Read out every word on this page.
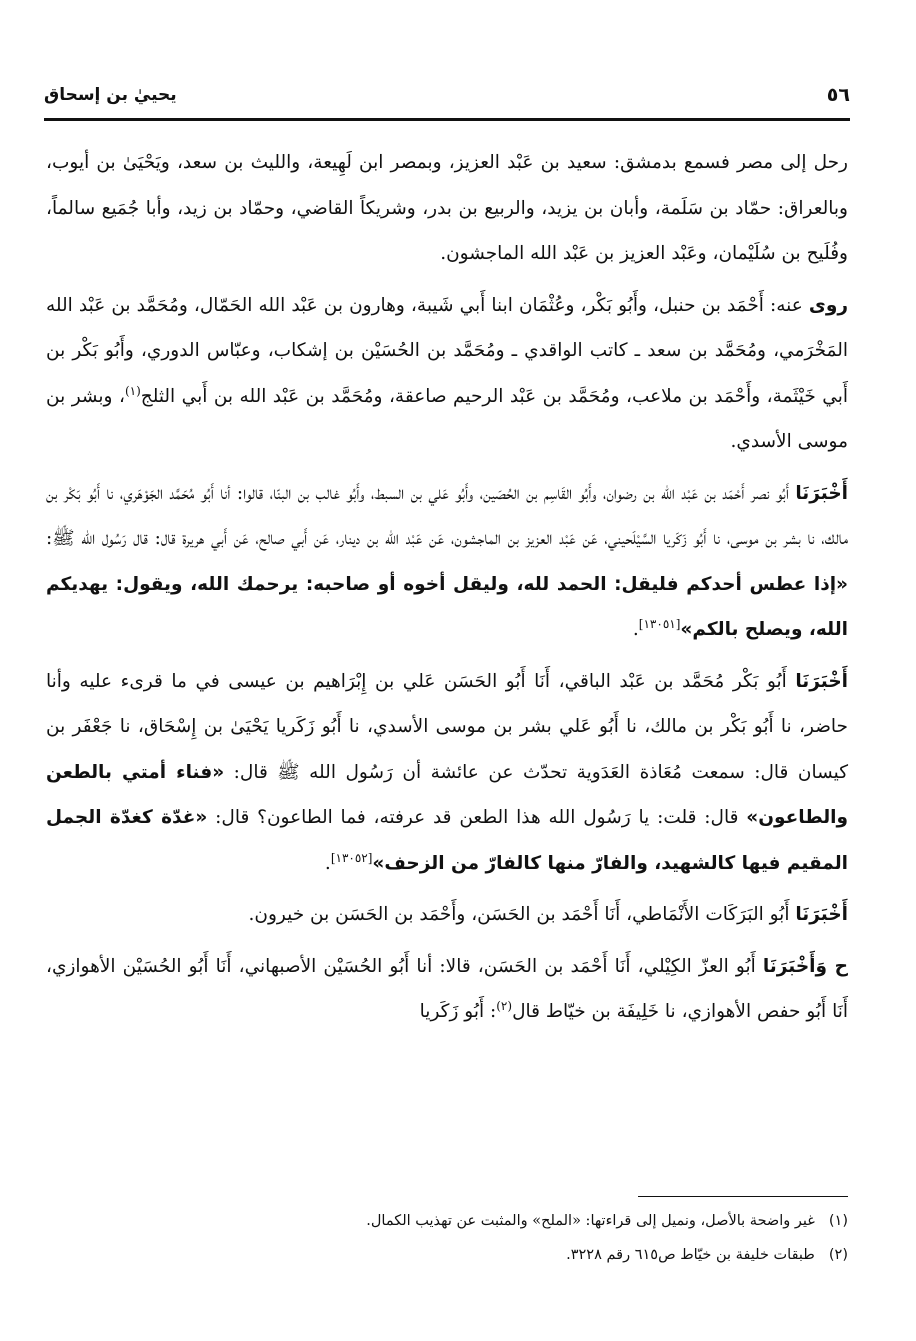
٥٦
يحييٰ بن إسحاق

رحل إلى مصر فسمع بدمشق: سعيد بن عَبْد العزيز، وبمصر ابن لَهِيعة، والليث بن سعد، ويَحْيَىٰ بن أيوب، وبالعراق: حمّاد بن سَلَمة، وأبان بن يزيد، والربيع بن بدر، وشريكاً القاضي، وحمّاد بن زيد، وأبا جُمَيع سالماً، وفُلَيح بن سُلَيْمان، وعَبْد العزيز بن عَبْد الله الماجشون.

روى عنه: أَحْمَد بن حنبل، وأَبُو بَكْر، وعُثْمَان ابنا أَبي شَيبة، وهارون بن عَبْد الله الحَمّال، ومُحَمَّد بن عَبْد الله المَخْرَمي، ومُحَمَّد بن سعد ـ كاتب الواقدي ـ ومُحَمَّد بن الحُسَيْن بن إشكاب، وعبّاس الدوري، وأَبُو بَكْر بن أَبي خَيْثَمة، وأَحْمَد بن ملاعب، ومُحَمَّد بن عَبْد الرحيم صاعقة، ومُحَمَّد بن عَبْد الله بن أَبي الثلج$^{(١)}$، وبشر بن موسى الأسدي.

أَخْبَرَنَا أَبُو نصر أَحْمَد بن عَبْد الله بن رضوان، وأَبُو القَاسِم بن الحُصَين، وأَبُو عَلي بن السبط، وأَبُو غالب بن البنّا، قالوا: أنا أَبُو مُحَمَّد الجَوْهَري، نا أَبُو بَكْر بن مالك، نا بشر بن موسى، نا أَبُو زَكَريا السَّيْلَحيني، عَن عَبْد العزيز بن الماجشون، عَن عَبْد الله بن دينار، عَن أَبي صالح، عَن أَبي هريرة قال: قال رَسُول الله ﷺ: «إذا عطس أحدكم فليقل: الحمد لله، وليقل أخوه أو صاحبه: يرحمك الله، ويقول: يهديكم الله، ويصلح بالكم»[١٣٠٥١].

أَخْبَرَنَا أَبُو بَكْر مُحَمَّد بن عَبْد الباقي، أَنَا أَبُو الحَسَن عَلي بن إِبْرَاهيم بن عيسى في ما قرىء عليه وأنا حاضر، نا أَبُو بَكْر بن مالك، نا أَبُو عَلي بشر بن موسى الأسدي، نا أَبُو زَكَريا يَحْيَىٰ بن إِسْحَاق، نا جَعْفَر بن كيسان قال: سمعت مُعَاذة العَدَوية تحدّث عن عائشة أن رَسُول الله ﷺ قال: «فناء أمتي بالطعن والطاعون» قال: قلت: يا رَسُول الله هذا الطعن قد عرفته، فما الطاعون؟ قال: «غدّة كغدّة الجمل المقيم فيها كالشهيد، والفارّ منها كالفارّ من الزحف»[١٣٠٥٢].

أَخْبَرَنَا أَبُو البَرَكَات الأَنْمَاطي، أَنَا أَحْمَد بن الحَسَن، وأَحْمَد بن الحَسَن بن خيرون.

ح وَأَخْبَرَنَا أَبُو العزّ الكِيْلي، أَنَا أَحْمَد بن الحَسَن، قالا: أنا أَبُو الحُسَيْن الأصبهاني، أَنَا أَبُو الحُسَيْن الأهوازي، أَنَا أَبُو حفص الأهوازي، نا خَلِيفَة بن خيّاط قال$^{(٢)}$: أَبُو زَكَريا

(١)
غير واضحة بالأصل، ونميل إلى قراءتها: «الملح» والمثبت عن تهذيب الكمال.

(٢)
طبقات خليفة بن خيّاط ص٦١٥ رقم ٣٢٢٨.
